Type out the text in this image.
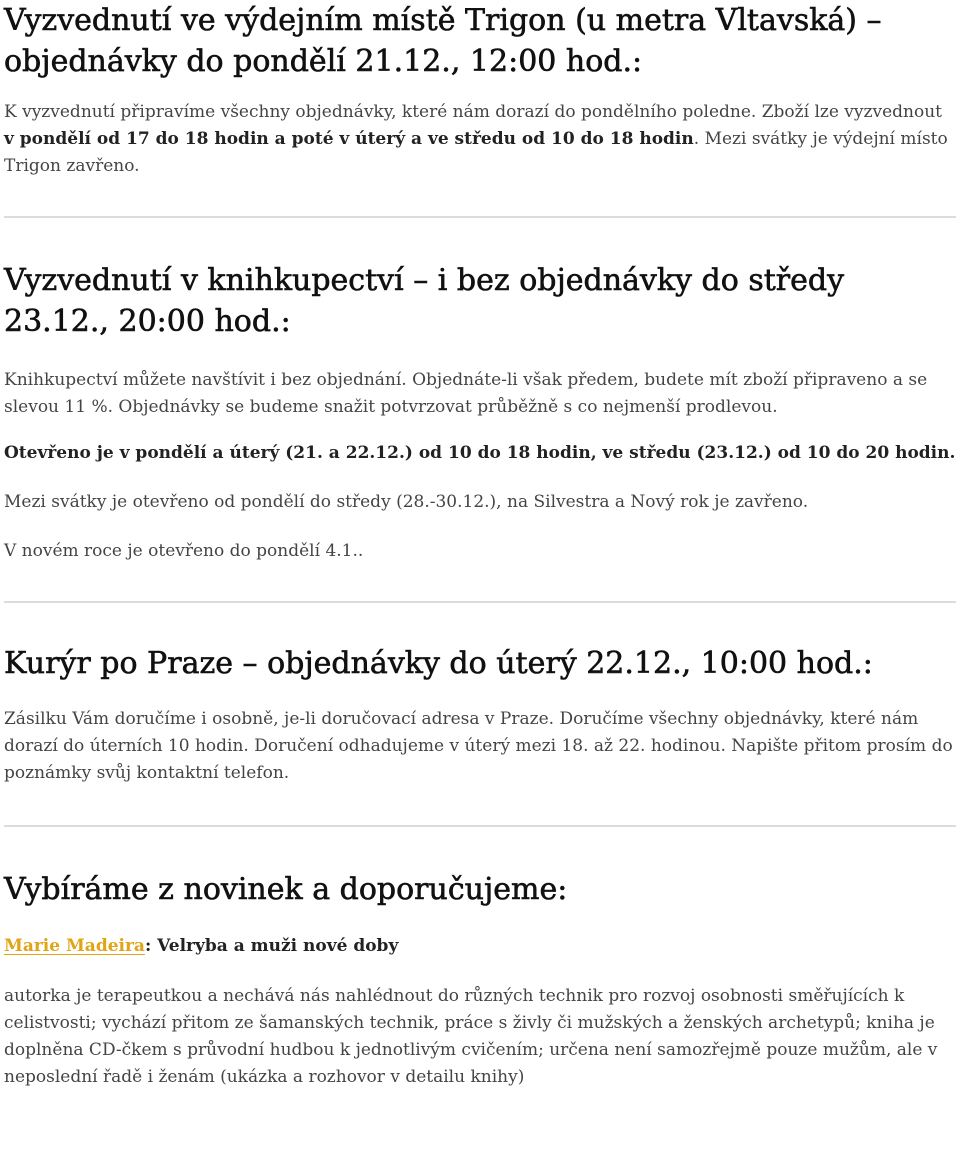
Vyzvednutí ve výdejním místě Trigon (u metra Vltavská) – objednávky do pondělí 21.12., 12:00 hod.:

K vyzvednutí připravíme všechny objednávky, které nám dorazí do pondělního poledne. Zboží lze vyzvednout v pondělí od 17 do 18 hodin a poté v úterý a ve středu od 10 do 18 hodin. Mezi svátky je výdejní místo Trigon zavřeno.

Vyzvednutí v knihkupectví – i bez objednávky do středy 23.12., 20:00 hod.:

Knihkupectví můžete navštívit i bez objednání. Objednáte-li však předem, budete mít zboží připraveno a se slevou 11 %. Objednávky se budeme snažit potvrzovat průběžně s co nejmenší prodlevou.

Otevřeno je v pondělí a úterý (21. a 22.12.) od 10 do 18 hodin, ve středu (23.12.) od 10 do 20 hodin.

Mezi svátky je otevřeno od pondělí do středy (28.-30.12.), na Silvestra a Nový rok je zavřeno.

V novém roce je otevřeno do pondělí 4.1..

Kurýr po Praze – objednávky do úterý 22.12., 10:00 hod.:

Zásilku Vám doručíme i osobně, je-li doručovací adresa v Praze. Doručíme všechny objednávky, které nám dorazí do úterních 10 hodin. Doručení odhadujeme v úterý mezi 18. až 22. hodinou. Napište přitom prosím do poznámky svůj kontaktní telefon.

Vybíráme z novinek a doporučujeme:

Marie Madeira: Velryba a muži nové doby

autorka je terapeutkou a nechává nás nahlédnout do různých technik pro rozvoj osobnosti směřujících k celistvosti; vychází přitom ze šamanských technik, práce s živly či mužských a ženských archetypů; kniha je doplněna CD-čkem s průvodní hudbou k jednotlivým cvičením; určena není samozřejmě pouze mužům, ale v neposlední řadě i ženám (ukázka a rozhovor v detailu knihy)
